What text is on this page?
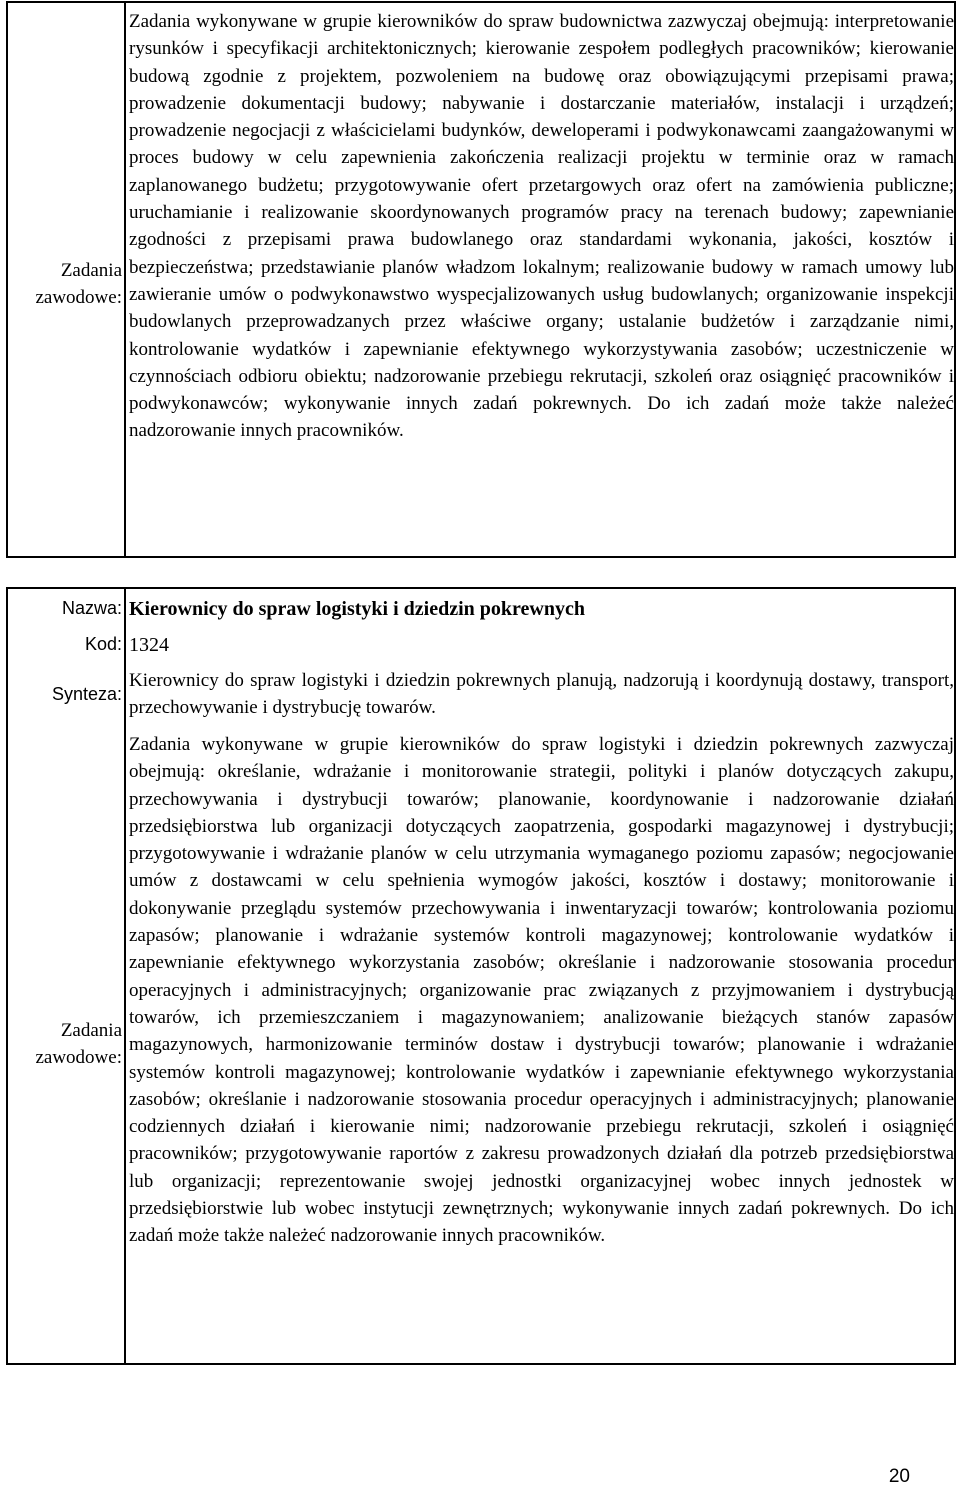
Zadania
zawodowe:
Zadania wykonywane w grupie kierowników do spraw budownictwa zazwyczaj obejmują: interpretowanie rysunków i specyfikacji architektonicznych; kierowanie zespołem podległych pracowników; kierowanie budową zgodnie z projektem, pozwoleniem na budowę oraz obowiązującymi przepisami prawa; prowadzenie dokumentacji budowy; nabywanie i dostarczanie materiałów, instalacji i urządzeń; prowadzenie negocjacji z właścicielami budynków, deweloperami i podwykonawcami zaangażowanymi w proces budowy w celu zapewnienia zakończenia realizacji projektu w terminie oraz w ramach zaplanowanego budżetu; przygotowywanie ofert przetargowych oraz ofert na zamówienia publiczne; uruchamianie i realizowanie skoordynowanych programów pracy na terenach budowy; zapewnianie zgodności z przepisami prawa budowlanego oraz standardami wykonania, jakości, kosztów i bezpieczeństwa; przedstawianie planów władzom lokalnym; realizowanie budowy w ramach umowy lub zawieranie umów o podwykonawstwo wyspecjalizowanych usług budowlanych; organizowanie inspekcji budowlanych przeprowadzanych przez właściwe organy; ustalanie budżetów i zarządzanie nimi, kontrolowanie wydatków i zapewnianie efektywnego wykorzystywania zasobów; uczestniczenie w czynnościach odbioru obiektu; nadzorowanie przebiegu rekrutacji, szkoleń oraz osiągnięć pracowników i podwykonawców; wykonywanie innych zadań pokrewnych. Do ich zadań może także należeć nadzorowanie innych pracowników.
Nazwa: Kierownicy do spraw logistyki i dziedzin pokrewnych
Kod: 1324
Synteza:
Kierownicy do spraw logistyki i dziedzin pokrewnych planują, nadzorują i koordynują dostawy, transport, przechowywanie i dystrybucję towarów.
Zadania
zawodowe:
Zadania wykonywane w grupie kierowników do spraw logistyki i dziedzin pokrewnych zazwyczaj obejmują: określanie, wdrażanie i monitorowanie strategii, polityki i planów dotyczących zakupu, przechowywania i dystrybucji towarów; planowanie, koordynowanie i nadzorowanie działań przedsiębiorstwa lub organizacji dotyczących zaopatrzenia, gospodarki magazynowej i dystrybucji; przygotowywanie i wdrażanie planów w celu utrzymania wymaganego poziomu zapasów; negocjowanie umów z dostawcami w celu spełnienia wymogów jakości, kosztów i dostawy; monitorowanie i dokonywanie przeglądu systemów przechowywania i inwentaryzacji towarów; kontrolowania poziomu zapasów; planowanie i wdrażanie systemów kontroli magazynowej; kontrolowanie wydatków i zapewnianie efektywnego wykorzystania zasobów; określanie i nadzorowanie stosowania procedur operacyjnych i administracyjnych; organizowanie prac związanych z przyjmowaniem i dystrybucją towarów, ich przemieszczaniem i magazynowaniem; analizowanie bieżących stanów zapasów magazynowych, harmonizowanie terminów dostaw i dystrybucji towarów; planowanie i wdrażanie systemów kontroli magazynowej; kontrolowanie wydatków i zapewnianie efektywnego wykorzystania zasobów; określanie i nadzorowanie stosowania procedur operacyjnych i administracyjnych; planowanie codziennych działań i kierowanie nimi; nadzorowanie przebiegu rekrutacji, szkoleń i osiągnięć pracowników; przygotowywanie raportów z zakresu prowadzonych działań dla potrzeb przedsiębiorstwa lub organizacji; reprezentowanie swojej jednostki organizacyjnej wobec innych jednostek w przedsiębiorstwie lub wobec instytucji zewnętrznych; wykonywanie innych zadań pokrewnych. Do ich zadań może także należeć nadzorowanie innych pracowników.
20
